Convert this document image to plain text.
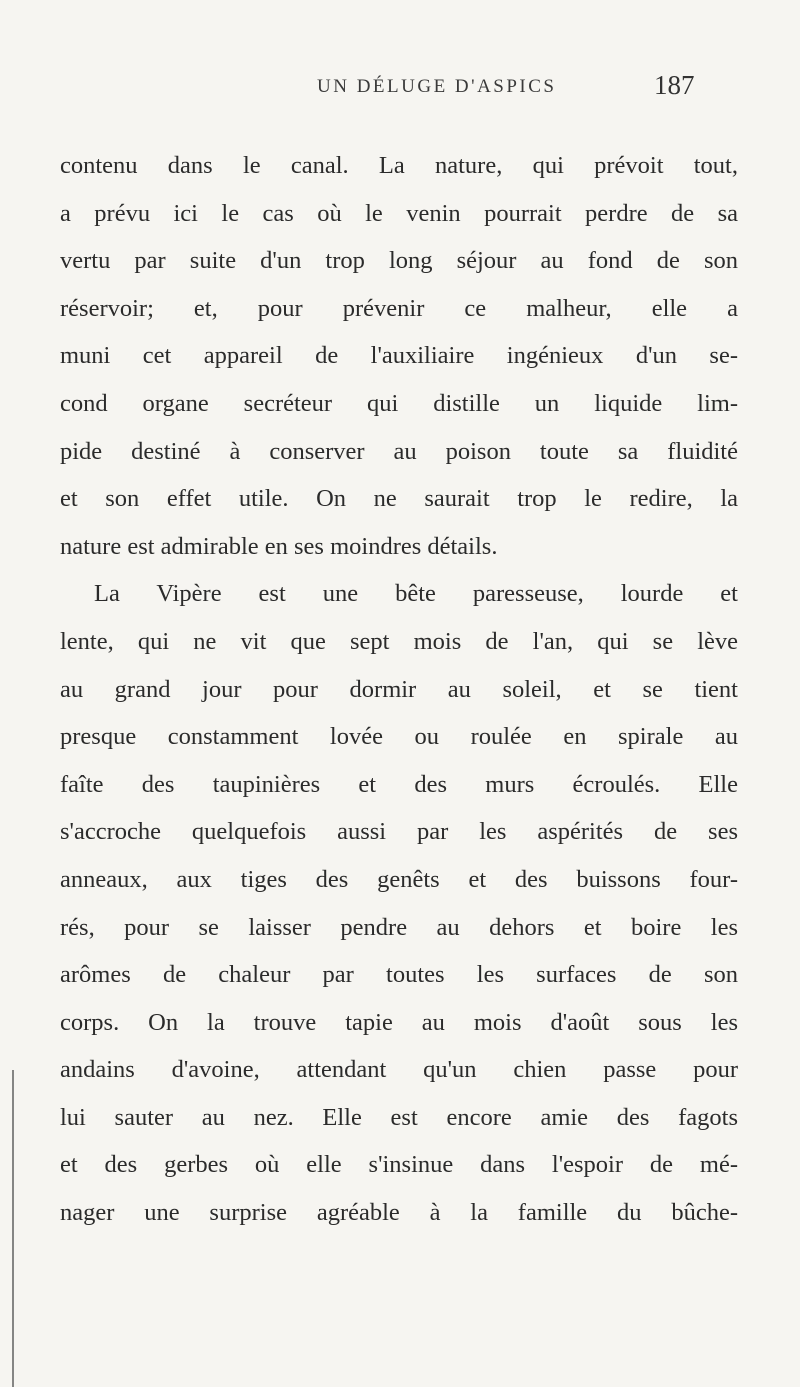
UN DÉLUGE D'ASPICS	187
contenu dans le canal. La nature, qui prévoit tout,
a prévu ici le cas où le venin pourrait perdre de sa
vertu par suite d'un trop long séjour au fond de son
réservoir; et, pour prévenir ce malheur, elle a
muni cet appareil de l'auxiliaire ingénieux d'un se-
cond organe secréteur qui distille un liquide lim-
pide destiné à conserver au poison toute sa fluidité
et son effet utile. On ne saurait trop le redire, la
nature est admirable en ses moindres détails.
La Vipère est une bête paresseuse, lourde et
lente, qui ne vit que sept mois de l'an, qui se lève
au grand jour pour dormir au soleil, et se tient
presque constamment lovée ou roulée en spirale au
faîte des taupinières et des murs écroulés. Elle
s'accroche quelquefois aussi par les aspérités de ses
anneaux, aux tiges des genêts et des buissons four-
rés, pour se laisser pendre au dehors et boire les
arômes de chaleur par toutes les surfaces de son
corps. On la trouve tapie au mois d'août sous les
andains d'avoine, attendant qu'un chien passe pour
lui sauter au nez. Elle est encore amie des fagots
et des gerbes où elle s'insinue dans l'espoir de mé-
nager une surprise agréable à la famille du bûche-
